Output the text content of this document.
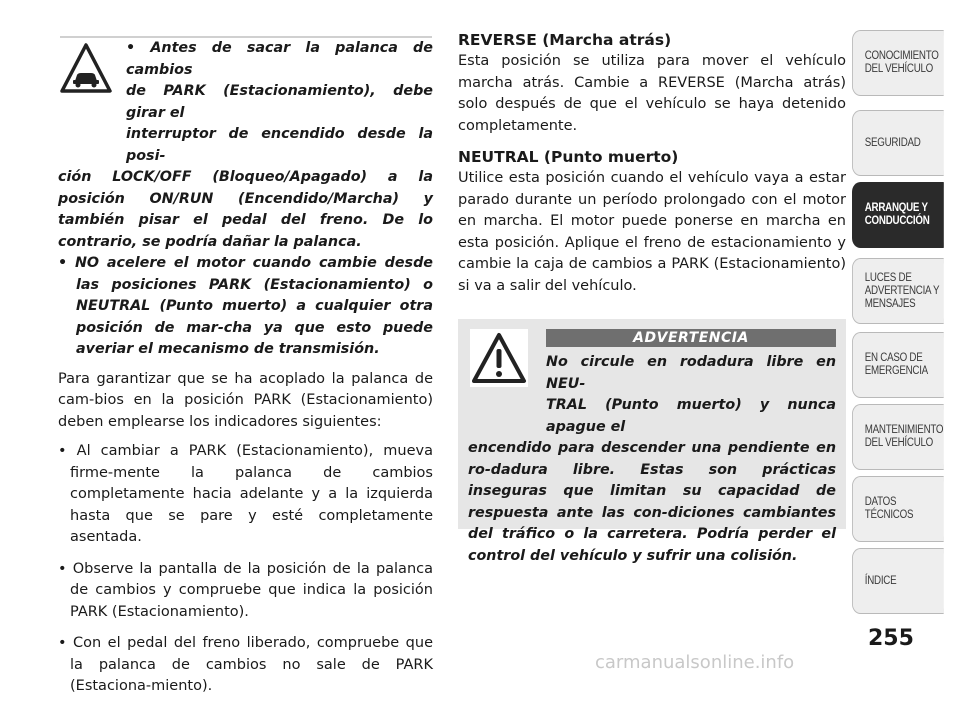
• Antes de sacar la palanca de cambios

de PARK (Estacionamiento), debe girar el

interruptor de encendido desde la posi-

ción LOCK/OFF (Bloqueo/Apagado) a la posición ON/RUN (Encendido/Marcha) y también pisar el pedal del freno. De lo contrario, se podría dañar la palanca.

• NO acelere el motor cuando cambie desde las posiciones PARK (Estacionamiento) o NEUTRAL (Punto muerto) a cualquier otra posición de mar-cha ya que esto puede averiar el mecanismo de transmisión.

Para garantizar que se ha acoplado la palanca de cam-bios en la posición PARK (Estacionamiento) deben emplearse los indicadores siguientes:

• Al cambiar a PARK (Estacionamiento), mueva firme-mente la palanca de cambios completamente hacia adelante y a la izquierda hasta que se pare y esté completamente asentada.
• Observe la pantalla de la posición de la palanca de cambios y compruebe que indica la posición PARK (Estacionamiento).
• Con el pedal del freno liberado, compruebe que la palanca de cambios no sale de PARK (Estaciona-miento).
REVERSE (Marcha atrás)

Esta posición se utiliza para mover el vehículo marcha atrás. Cambie a REVERSE (Marcha atrás) solo después de que el vehículo se haya detenido completamente.

NEUTRAL (Punto muerto)

Utilice esta posición cuando el vehículo vaya a estar parado durante un período prolongado con el motor en marcha. El motor puede ponerse en marcha en esta posición. Aplique el freno de estacionamiento y cambie la caja de cambios a PARK (Estacionamiento) si va a salir del vehículo.

ADVERTENCIA

No circule en rodadura libre en NEU-

TRAL (Punto muerto) y nunca apague el

encendido para descender una pendiente en ro-dadura libre. Estas son prácticas inseguras que limitan su capacidad de respuesta ante las con-diciones cambiantes del tráfico o la carretera. Podría perder el control del vehículo y sufrir una colisión.

CONOCIMIENTO DEL VEHÍCULO
SEGURIDAD
ARRANQUE Y CONDUCCIÓN
LUCES DE ADVERTENCIA Y MENSAJES
EN CASO DE EMERGENCIA
MANTENIMIENTO DEL VEHÍCULO
DATOS TÉCNICOS
ÍNDICE
255
carmanualsonline.info
